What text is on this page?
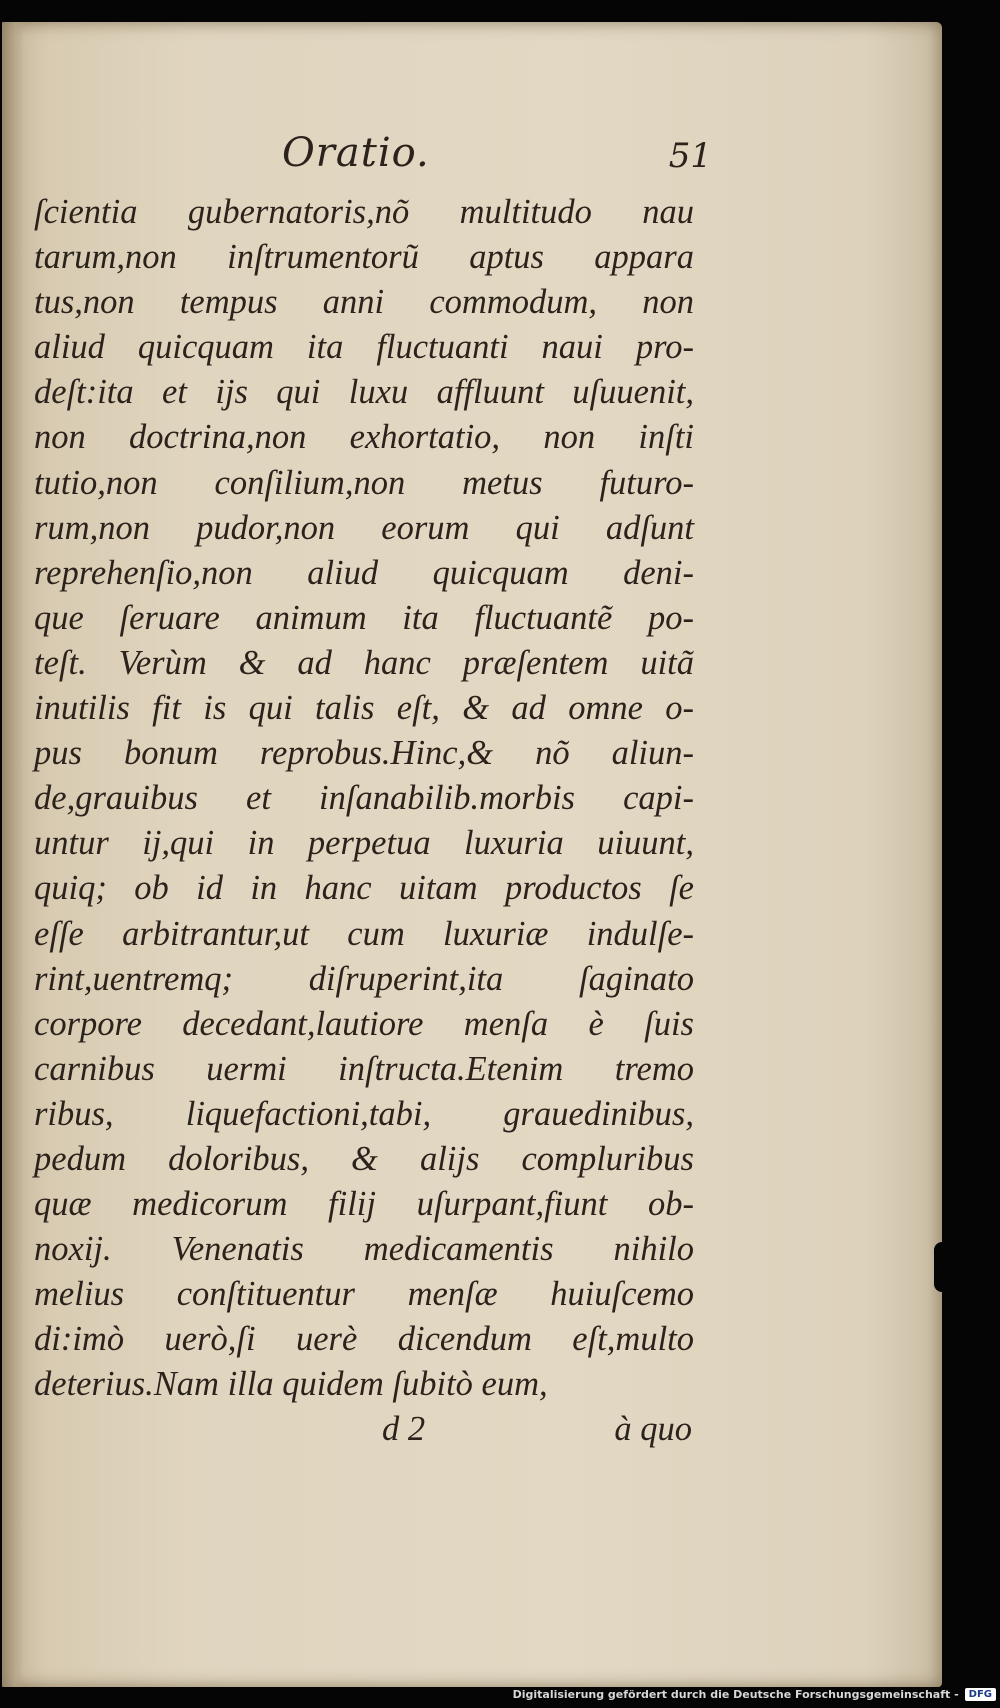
Oratio.	51
ſcientia gubernatoris,nõ multitudo nau
tarum,non inſtrumentorũ aptus appara
tus,non tempus anni commodum, non
aliud quicquam ita fluctuanti naui pro-
deſt:ita et ijs qui luxu affluunt uſuuenit,
non doctrina,non exhortatio, non inſti
tutio,non conſilium,non metus futuro-
rum,non pudor,non eorum qui adſunt
reprehenſio,non aliud quicquam deni-
que ſeruare animum ita fluctuantẽ po-
teſt. Verùm & ad hanc præſentem uitã
inutilis fit is qui talis eſt, & ad omne o-
pus bonum reprobus.Hinc,& nõ aliun-
de,grauibus et inſanabilib.morbis capi-
untur ij,qui in perpetua luxuria uiuunt,
quiq; ob id in hanc uitam productos ſe
eſſe arbitrantur,ut cum luxuriæ indulſe-
rint,uentremq; diſruperint,ita ſaginato
corpore decedant,lautiore menſa è ſuis
carnibus uermi inſtructa.Etenim tremo
ribus, liquefactioni,tabi, grauedinibus,
pedum doloribus, & alijs compluribus
quæ medicorum filij uſurpant,fiunt ob-
noxij. Venenatis medicamentis nihilo
melius conſtituentur menſæ huiuſcemo
di:imò uerò,ſi uerè dicendum eſt,multo
deterius.Nam illa quidem ſubitò eum,
d 2	à quo
Digitalisierung gefördert durch die Deutsche Forschungsgemeinschaft -	DFG
